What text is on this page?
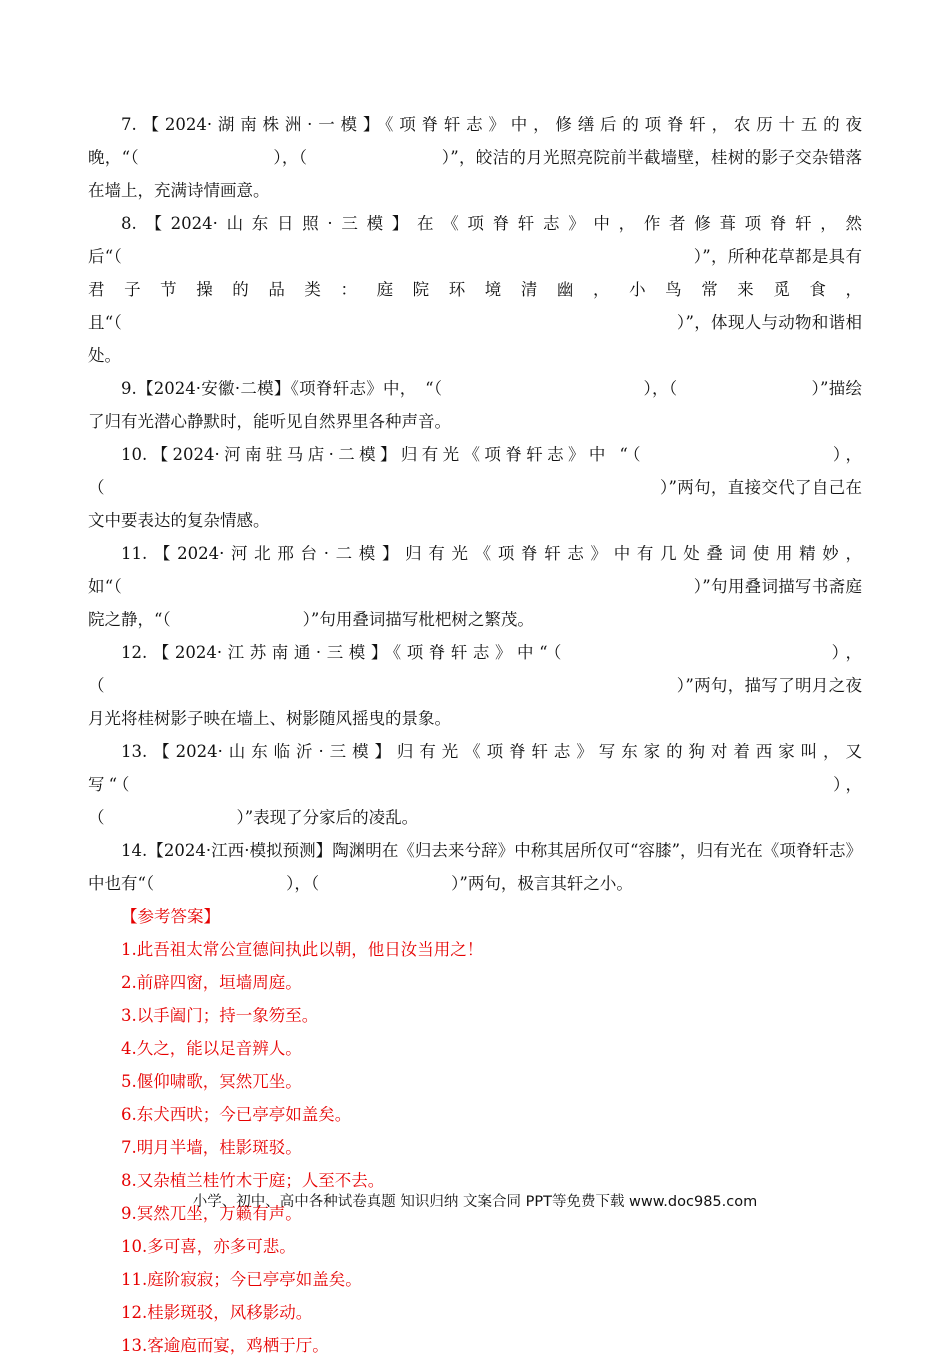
7.【2024·湖南株洲·一模】《项脊轩志》中，修缮后的项脊轩，农历十五的夜晚，“（　　　　　　　　），（　　　　　　　　）”，皎洁的月光照亮院前半截墙壁，桂树的影子交杂错落在墙上，充满诗情画意。

8.【2024·山东日照·三模】在《项脊轩志》中，作者修葺项脊轩，然后“（　　　　　　　　　　　　　　　　　　　　　　　　　　　　　　　　　　）”，所种花草都是具有君子节操的品类：庭院环境清幽，小鸟常来觅食，且“（　　　　　　　　　　　　　　　　　　　　　　　　　　　　　　　　　）”，体现人与动物和谐相处。

9.【2024·安徽·二模】《项脊轩志》中，　“（　　　　　　　　　　　　），（　　　　　　　　）”描绘了归有光潜心静默时，能听见自然界里各种声音。

10.【2024·河南驻马店·二模】归有光《项脊轩志》中 “（　　　　　　　　　），（　　　　　　　　　　　　　　　　　　　　　　　　　　　　　　　　　）”两句，直接交代了自己在文中要表达的复杂情感。

11.【2024·河北邢台·二模】归有光《项脊轩志》中有几处叠词使用精妙，如“（　　　　　　　　　　　　　　　　　　　　　　　　　　　　　　　　　　）”句用叠词描写书斋庭院之静，“（　　　　　　　　）”句用叠词描写枇杷树之繁茂。

12.【2024·江苏南通·三模】《项脊轩志》中“（　　　　　　　　　　　　），（　　　　　　　　　　　　　　　　　　　　　　　　　　　　　　　　　　）”两句，描写了明月之夜月光将桂树影子映在墙上、树影随风摇曳的景象。

13.【2024·山东临沂·三模】归有光《项脊轩志》写东家的狗对着西家叫，又写“（　　　　　　　　　　　　　　　　　　　　　　　　　　　　　　　　　　），（　　　　　　　　）”表现了分家后的凌乱。

14.【2024·江西·模拟预测】陶渊明在《归去来兮辞》中称其居所仅可“容膝”，归有光在《项脊轩志》中也有“（　　　　　　　　），（　　　　　　　　）”两句，极言其轩之小。

【参考答案】

1.此吾祖太常公宣德间执此以朝，他日汝当用之！

2.前辟四窗，垣墙周庭。

3.以手阖门；持一象笏至。

4.久之，能以足音辨人。

5.偃仰啸歌，冥然兀坐。

6.东犬西吠；今已亭亭如盖矣。

7.明月半墙，桂影斑驳。

8.又杂植兰桂竹木于庭；人至不去。

9.冥然兀坐，万籁有声。

10.多可喜，亦多可悲。

11.庭阶寂寂；今已亭亭如盖矣。

12.桂影斑驳，风移影动。

13.客逾庖而宴，鸡栖于厅。

小学、初中、高中各种试卷真题 知识归纳 文案合同 PPT等免费下载 www.doc985.com
